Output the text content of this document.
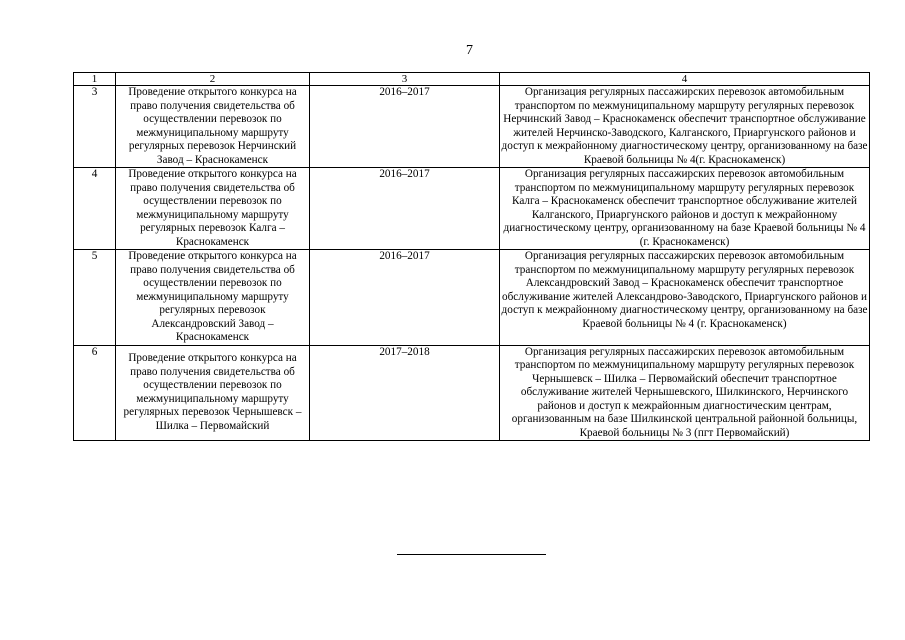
7
1	2	3	4
3	Проведение открытого конкурса на право получения свидетельства об осуществлении перевозок по межмуниципальному маршруту регулярных перевозок Нерчинский Завод – Краснокаменск	2016–2017	Организация регулярных пассажирских перевозок автомобильным транспортом по межмуниципальному маршруту регулярных перевозок Нерчинский Завод – Краснокаменск обеспечит транспортное обслуживание жителей Нерчинско-Заводского, Калганского, Приаргунского районов и доступ к межрайонному диагностическому центру, организованному на базе Краевой больницы № 4(г. Краснокаменск)
4	Проведение открытого конкурса на право получения свидетельства об осуществлении перевозок по межмуниципальному маршруту регулярных перевозок Калга – Краснокаменск	2016–2017	Организация регулярных пассажирских перевозок автомобильным транспортом по межмуниципальному маршруту регулярных перевозок Калга – Краснокаменск обеспечит транспортное обслуживание жителей Калганского, Приаргунского районов и доступ к межрайонному диагностическому центру, организованному на базе Краевой больницы № 4 (г. Краснокаменск)
5	Проведение открытого конкурса на право получения свидетельства об осуществлении перевозок по межмуниципальному маршруту регулярных перевозок Александровский Завод – Краснокаменск	2016–2017	Организация регулярных пассажирских перевозок автомобильным транспортом по межмуниципальному маршруту регулярных перевозок Александровский Завод – Краснокаменск обеспечит транспортное обслуживание жителей Александрово-Заводского, Приаргунского районов и доступ к межрайонному диагностическому центру, организованному на базе Краевой больницы № 4 (г. Краснокаменск)
6	Проведение открытого конкурса на право получения свидетельства об осуществлении перевозок по межмуниципальному маршруту регулярных перевозок Чернышевск – Шилка – Первомайский	2017–2018	Организация регулярных пассажирских перевозок автомобильным транспортом по межмуниципальному маршруту регулярных перевозок Чернышевск – Шилка – Первомайский обеспечит транспортное обслуживание жителей Чернышевского, Шилкинского, Нерчинского районов и доступ к межрайонным диагностическим центрам, организованным на базе Шилкинской центральной районной больницы, Краевой больницы № 3 (пгт Первомайский)
